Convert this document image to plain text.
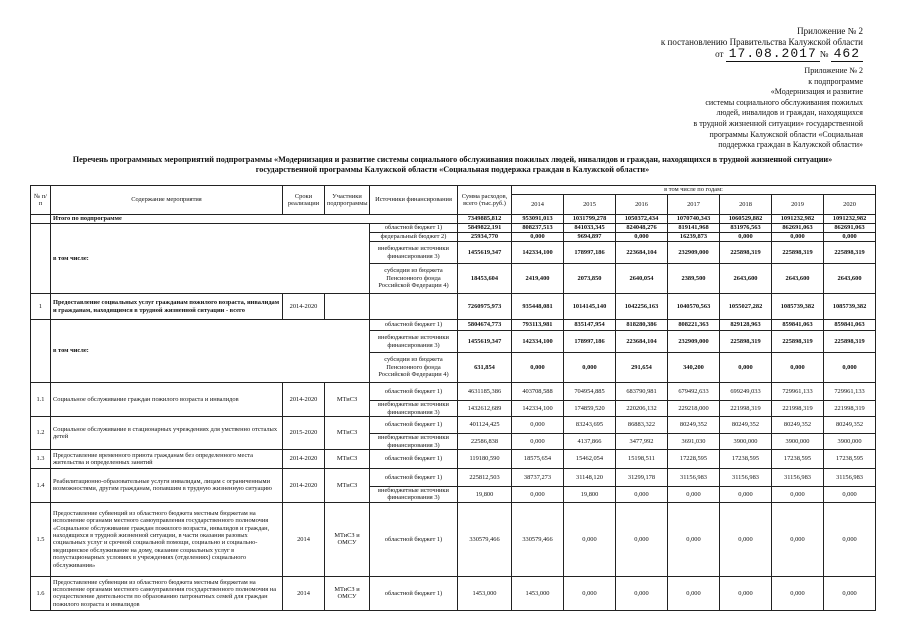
Приложение № 2
к постановлению Правительства Калужской области
от 17.08.2017 № 462
Приложение № 2
к подпрограмме
«Модернизация и развитие
системы социального обслуживания пожилых
людей, инвалидов и граждан, находящихся
в трудной жизненной ситуации» государственной
программы Калужской области «Социальная
поддержка граждан в Калужской области»
Перечень программных мероприятий подпрограммы «Модернизация и развитие системы социального обслуживания пожилых людей, инвалидов и граждан, находящихся в трудной жизненной ситуации»
государственной программы Калужской области «Социальная поддержка граждан в Калужской области»
№ п/п	Содержание мероприятия	Сроки реализации	Участники подпрограммы	Источники финансирования	Сумма расходов, всего (тыс.руб.)	в том числе по годам:						
						2014	2015	2016	2017	2018	2019	2020
	Итого по подпрограмме				7349885,812	953091,013	1031799,278	1050372,434	1070740,343	1060529,882	1091232,982	1091232,982
	в том числе:			областной бюджет 1)	5849822,191	808237,513	841033,345	824048,276	819141,968	831976,563	862691,063	862691,063
				федеральный бюджет 2)	25934,770	0,000	9694,897	0,000	16239,873	0,000	0,000	0,000
				внебюджетные источники финансирования 3)	1455619,347	142334,100	178997,186	223684,104	232909,000	225898,319	225898,319	225898,319
				субсидии из бюджета Пенсионного фонда Российской Федерации 4)	18453,604	2419,400	2073,850	2640,054	2389,500	2643,600	2643,600	2643,600
1	Предоставление социальных услуг гражданам пожилого возраста, инвалидам и гражданам, находящимся в трудной жизненной ситуации - всего	2014-2020			7260975,973	935448,081	1014145,140	1042256,163	1040570,563	1055027,282	1085739,382	1085739,382
	в том числе:			областной бюджет 1)	5804674,773	793113,981	835147,954	818280,386	808221,363	829128,963	859841,063	859841,063
				внебюджетные источники финансирования 3)	1455619,347	142334,100	178997,186	223684,104	232909,000	225898,319	225898,319	225898,319
				субсидии из бюджета Пенсионного фонда Российской Федерации 4)	631,854	0,000	0,000	291,654	340,200	0,000	0,000	0,000
1.1	Социальное обслуживание граждан пожилого возраста и инвалидов	2014-2020	МТиСЗ	областной бюджет 1)	4631185,386	403708,588	704954,885	683790,981	679492,633	699249,033	729961,133	729961,133
				внебюджетные источники финансирования 3)	1432612,689	142334,100	174859,520	220206,132	229218,000	221998,319	221998,319	221998,319
1.2	Социальное обслуживание в стационарных учреждениях для умственно отсталых детей	2015-2020	МТиСЗ	областной бюджет 1)	401124,425	0,000	83243,695	86883,322	80249,352	80249,352	80249,352	80249,352
				внебюджетные источники финансирования 3)	22586,838	0,000	4137,866	3477,992	3691,030	3900,000	3900,000	3900,000
1.3	Предоставление временного приюта гражданам без определенного места жительства и определенных занятий	2014-2020	МТиСЗ	областной бюджет 1)	119180,590	18575,654	15462,054	15198,511	17228,595	17238,595	17238,595	17238,595
1.4	Реабилитационно-образовательные услуги инвалидам, лицам с ограниченными возможностями, другим гражданам, попавшим в трудную жизненную ситуацию	2014-2020	МТиСЗ	областной бюджет 1)	225812,503	38737,273	31148,120	31299,178	31156,983	31156,983	31156,983	31156,983
				внебюджетные источники финансирования 3)	19,800	0,000	19,800	0,000	0,000	0,000	0,000	0,000
1.5	Предоставление субвенций из областного бюджета местным бюджетам на исполнение органами местного самоуправления государственного полномочия «Социальное обслуживание граждан пожилого возраста, инвалидов и граждан, находящихся в трудной жизненной ситуации, в части оказания разовых социальных услуг и срочной социальной помощи, социально и социально-медицинское обслуживание на дому, оказание социальных услуг в полустационарных условиях в учреждениях (отделениях) социального обслуживания»	2014	МТиСЗ и ОМСУ	областной бюджет 1)	330579,466	330579,466	0,000	0,000	0,000	0,000	0,000	0,000
1.6	Предоставление субвенции из областного бюджета местным бюджетам на исполнение органами местного самоуправления государственного полномочия на осуществление деятельности по образованию патронатных семей для граждан пожилого возраста и инвалидов	2014	МТиСЗ и ОМСУ	областной бюджет 1)	1453,000	1453,000	0,000	0,000	0,000	0,000	0,000	0,000
